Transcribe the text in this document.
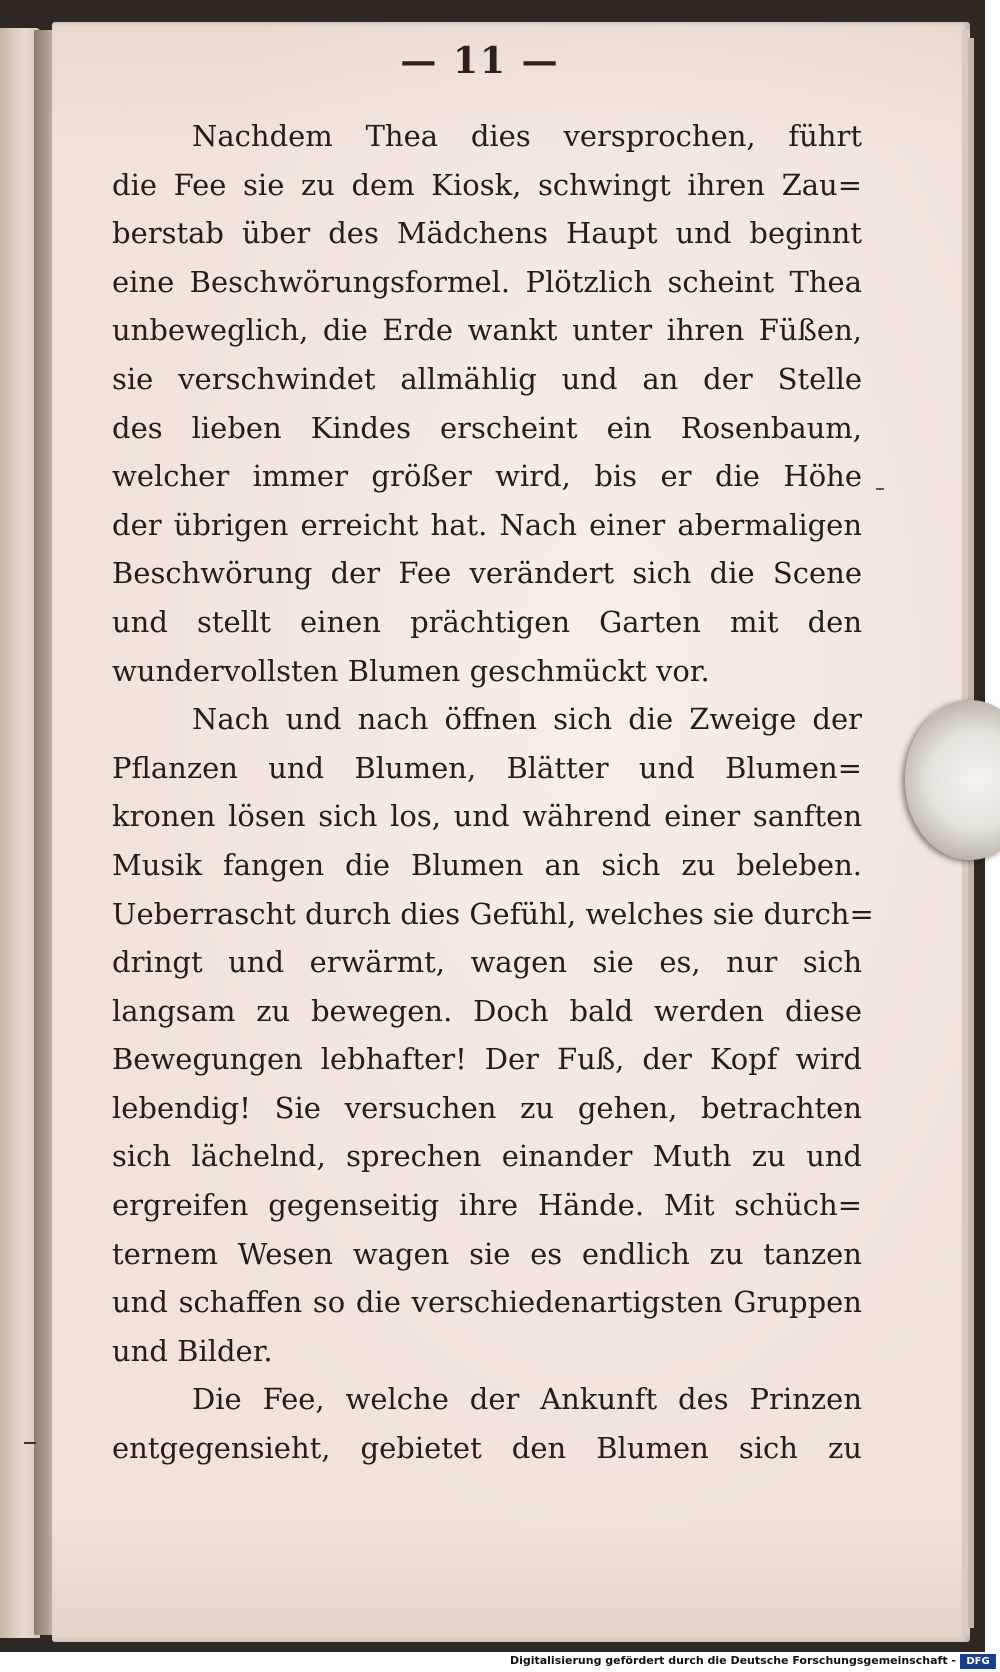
— 11 —
Nachdem Thea dies versprochen, führt
die Fee sie zu dem Kiosk, schwingt ihren Zau=
berstab über des Mädchens Haupt und beginnt
eine Beschwörungsformel. Plötzlich scheint Thea
unbeweglich, die Erde wankt unter ihren Füßen,
sie verschwindet allmählig und an der Stelle
des lieben Kindes erscheint ein Rosenbaum,
welcher immer größer wird, bis er die Höhe
der übrigen erreicht hat. Nach einer abermaligen
Beschwörung der Fee verändert sich die Scene
und stellt einen prächtigen Garten mit den
wundervollsten Blumen geschmückt vor.
Nach und nach öffnen sich die Zweige der
Pflanzen und Blumen, Blätter und Blumen=
kronen lösen sich los, und während einer sanften
Musik fangen die Blumen an sich zu beleben.
Ueberrascht durch dies Gefühl, welches sie durch=
dringt und erwärmt, wagen sie es, nur sich
langsam zu bewegen. Doch bald werden diese
Bewegungen lebhafter! Der Fuß, der Kopf wird
lebendig! Sie versuchen zu gehen, betrachten
sich lächelnd, sprechen einander Muth zu und
ergreifen gegenseitig ihre Hände. Mit schüch=
ternem Wesen wagen sie es endlich zu tanzen
und schaffen so die verschiedenartigsten Gruppen
und Bilder.
Die Fee, welche der Ankunft des Prinzen
entgegensieht, gebietet den Blumen sich zu
Digitalisierung gefördert durch die Deutsche Forschungsgemeinschaft -	DFG
